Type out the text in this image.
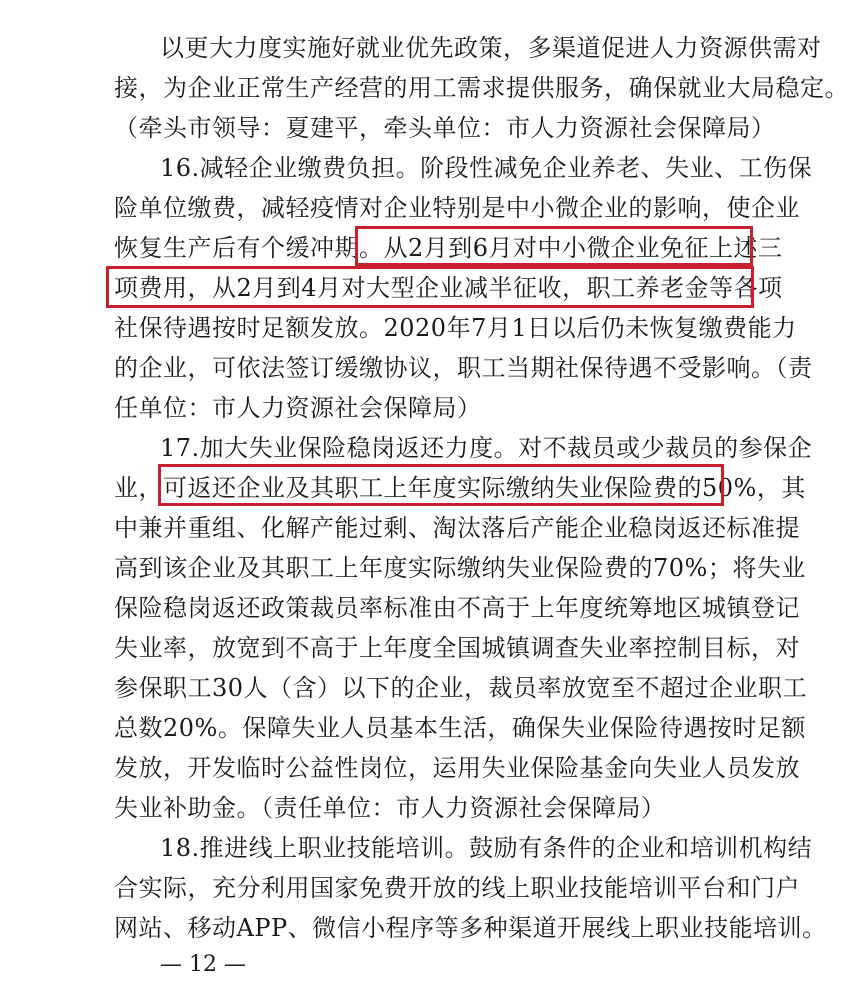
以更大力度实施好就业优先政策，多渠道促进人力资源供需对
接，为企业正常生产经营的用工需求提供服务，确保就业大局稳定。
（牵头市领导：夏建平，牵头单位：市人力资源社会保障局）
16.减轻企业缴费负担。阶段性减免企业养老、失业、工伤保
险单位缴费，减轻疫情对企业特别是中小微企业的影响，使企业
恢复生产后有个缓冲期。从2月到6月对中小微企业免征上述三
项费用，从2月到4月对大型企业减半征收，职工养老金等各项
社保待遇按时足额发放。2020年7月1日以后仍未恢复缴费能力
的企业，可依法签订缓缴协议，职工当期社保待遇不受影响。（责
任单位：市人力资源社会保障局）
17.加大失业保险稳岗返还力度。对不裁员或少裁员的参保企
业，可返还企业及其职工上年度实际缴纳失业保险费的50%，其
中兼并重组、化解产能过剩、淘汰落后产能企业稳岗返还标准提
高到该企业及其职工上年度实际缴纳失业保险费的70%；将失业
保险稳岗返还政策裁员率标准由不高于上年度统筹地区城镇登记
失业率，放宽到不高于上年度全国城镇调查失业率控制目标，对
参保职工30人（含）以下的企业，裁员率放宽至不超过企业职工
总数20%。保障失业人员基本生活，确保失业保险待遇按时足额
发放，开发临时公益性岗位，运用失业保险基金向失业人员发放
失业补助金。（责任单位：市人力资源社会保障局）
18.推进线上职业技能培训。鼓励有条件的企业和培训机构结
合实际，充分利用国家免费开放的线上职业技能培训平台和门户
网站、移动APP、微信小程序等多种渠道开展线上职业技能培训。
— 12 —
